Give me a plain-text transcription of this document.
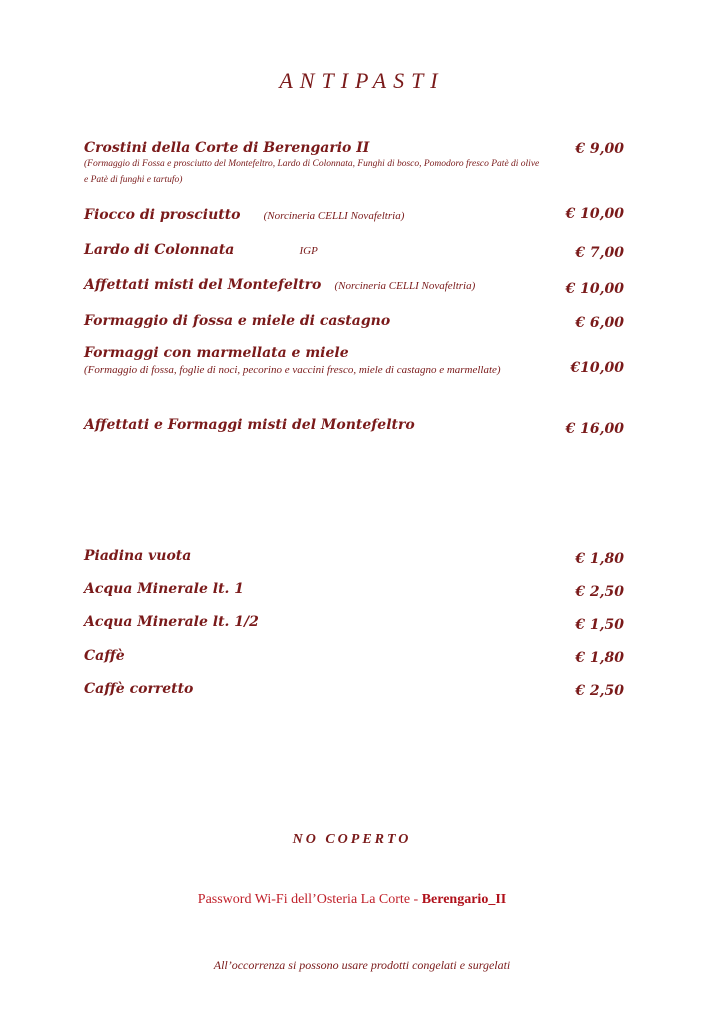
ANTIPASTI
Crostini della Corte di Berengario II
(Formaggio di Fossa e prosciutto del Montefeltro, Lardo di Colonnata, Funghi di bosco, Pomodoro fresco Patè di olive e Patè di funghi e tartufo)
€ 9,00
Fiocco di prosciutto (Norcineria CELLI Novafeltria)	€ 10,00
Lardo di Colonnata	IGP	€ 7,00
Affettati misti del Montefeltro (Norcineria CELLI Novafeltria)	€ 10,00
Formaggio di fossa e miele di castagno	€ 6,00
Formaggi con marmellata e miele
(Formaggio di fossa, foglie di noci, pecorino e vaccini fresco, miele di castagno e marmellate)	€10,00
Affettati e Formaggi misti del Montefeltro	€ 16,00
Piadina vuota	€ 1,80
Acqua Minerale lt. 1	€ 2,50
Acqua Minerale lt. 1/2	€ 1,50
Caffè	€ 1,80
Caffè corretto	€ 2,50
NO COPERTO
Password Wi-Fi dell’Osteria La Corte - Berengario_II
All’occorrenza si possono usare prodotti congelati e surgelati
